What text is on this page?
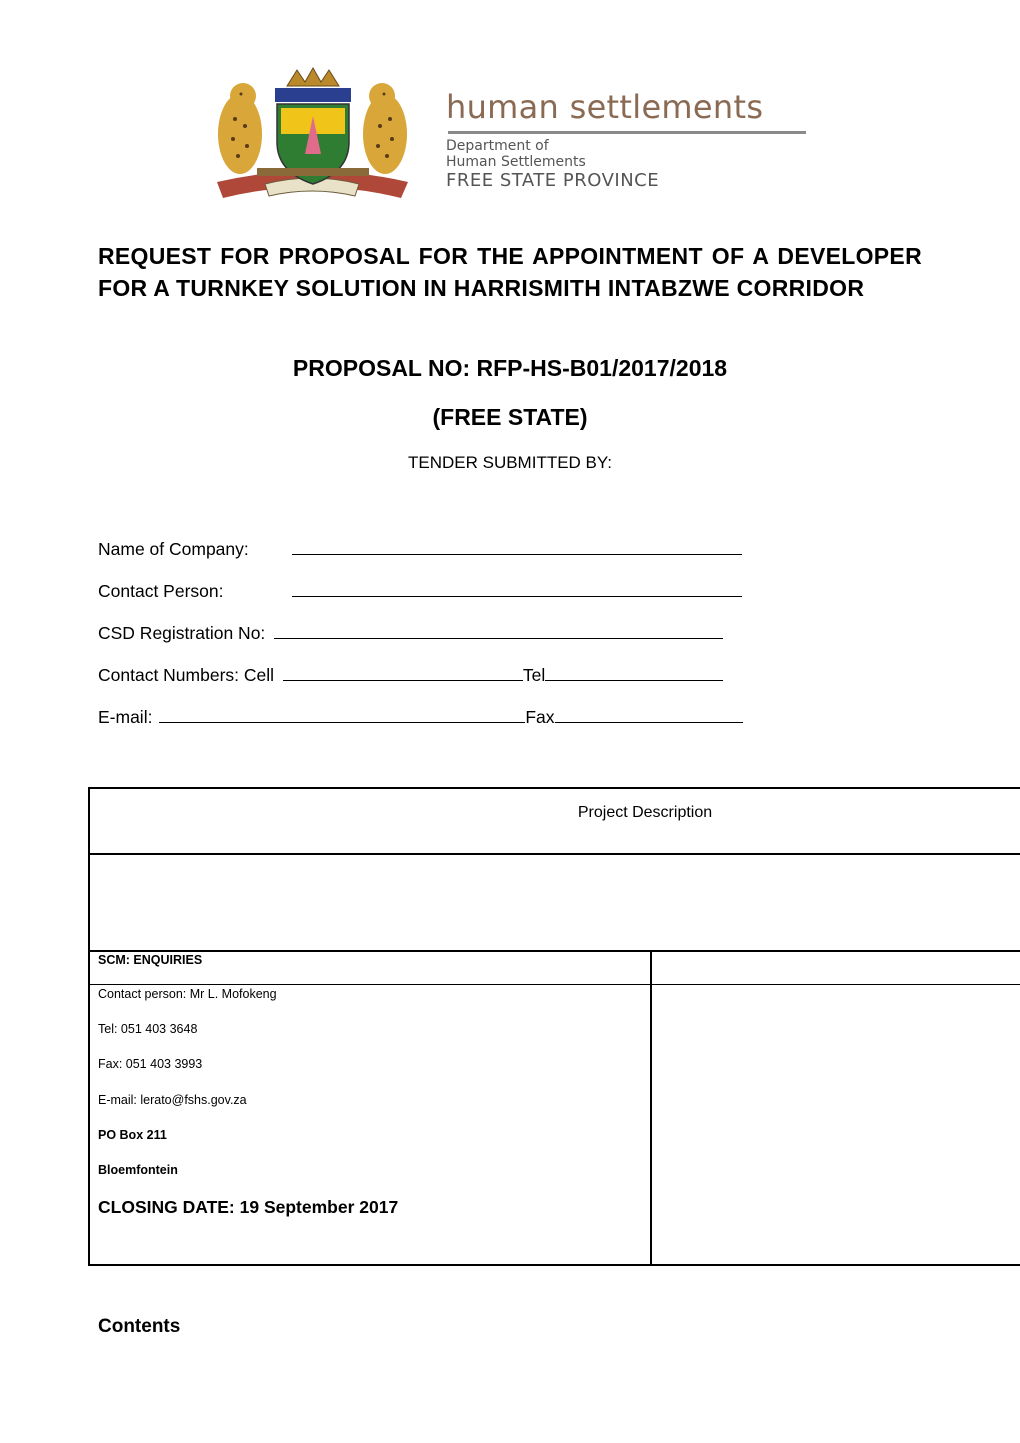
human settlements
Department of
Human Settlements
FREE STATE PROVINCE
REQUEST FOR PROPOSAL FOR THE APPOINTMENT OF A DEVELOPER FOR A TURNKEY SOLUTION IN HARRISMITH INTABZWE CORRIDOR
PROPOSAL NO: RFP-HS-B01/2017/2018
(FREE STATE)
TENDER SUBMITTED BY:
Name of Company:
Contact Person:
CSD Registration No:
Contact Numbers: Cell	Tel
E-mail:	Fax
Project Description
SCM: ENQUIRIES
Contact person: Mr L. Mofokeng
Tel: 051 403 3648
Fax: 051 403 3993
E-mail: lerato@fshs.gov.za
PO Box 211
Bloemfontein
CLOSING DATE: 19 September 2017
Contents
